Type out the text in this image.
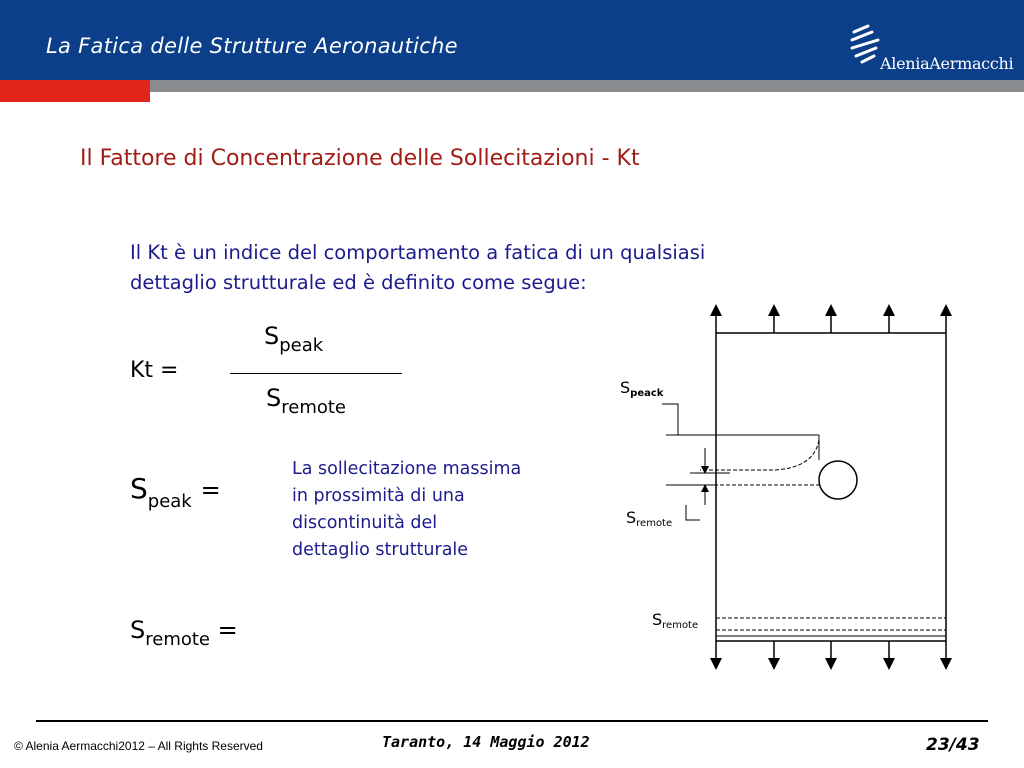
La Fatica delle Strutture Aeronautiche
AleniaAermacchi
Il Fattore di Concentrazione delle Sollecitazioni - Kt
Il Kt è un indice del comportamento a fatica di un qualsiasi
dettaglio strutturale ed è definito come segue:
Kt =
$S_{peak}$
$S_{remote}$
$S_{peak}$ =
La sollecitazione massima
in prossimità di una
discontinuità del
dettaglio strutturale
$S_{remote}$ =
Speack
Sremote
Sremote
© Alenia Aermacchi2012 – All Rights Reserved	Taranto, 14 Maggio 2012	23/43
